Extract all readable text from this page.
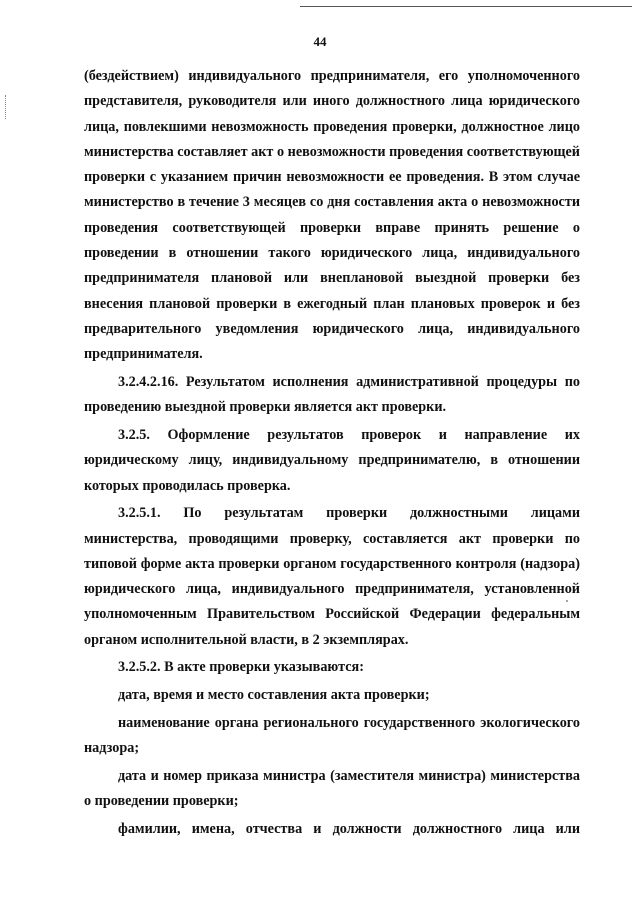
44

(бездействием) индивидуального предпринимателя, его уполномоченного представителя, руководителя или иного должностного лица юридического лица, повлекшими невозможность проведения проверки, должностное лицо министерства составляет акт о невозможности проведения соответствующей проверки с указанием причин невозможности ее проведения. В этом случае министерство в течение 3 месяцев со дня составления акта о невозможности проведения соответствующей проверки вправе принять решение о проведении в отношении такого юридического лица, индивидуального предпринимателя плановой или внеплановой выездной проверки без внесения плановой проверки в ежегодный план плановых проверок и без предварительного уведомления юридического лица, индивидуального предпринимателя.

3.2.4.2.16. Результатом исполнения административной процедуры по проведению выездной проверки является акт проверки.

3.2.5. Оформление результатов проверок и направление их юридическому лицу, индивидуальному предпринимателю, в отношении которых проводилась проверка.

3.2.5.1. По результатам проверки должностными лицами министерства, проводящими проверку, составляется акт проверки по типовой форме акта проверки органом государственного контроля (надзора) юридического лица, индивидуального предпринимателя, установленной уполномоченным Правительством Российской Федерации федеральным органом исполнительной власти, в 2 экземплярах.

3.2.5.2. В акте проверки указываются:

дата, время и место составления акта проверки;

наименование органа регионального государственного экологического надзора;

дата и номер приказа министра (заместителя министра) министерства о проведении проверки;

фамилии, имена, отчества и должности должностного лица или
